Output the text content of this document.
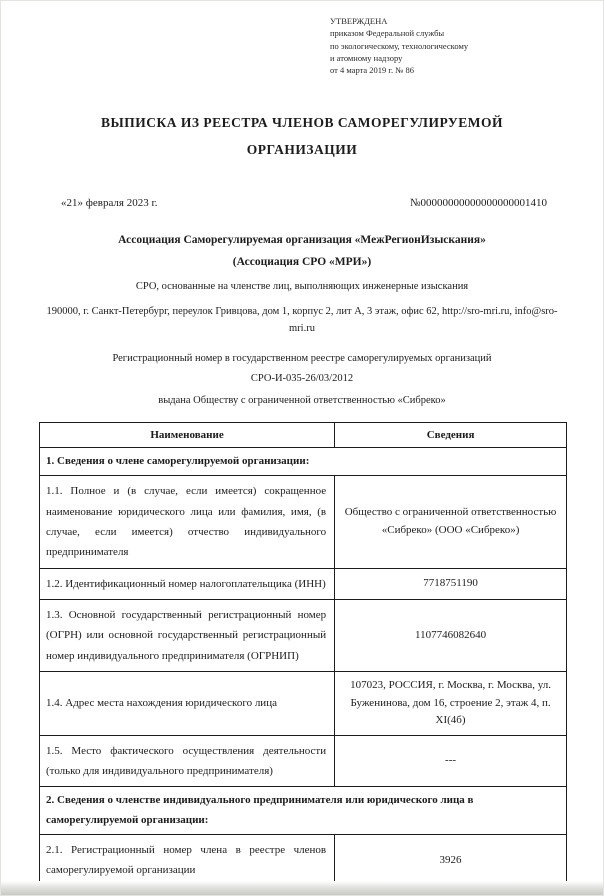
УТВЕРЖДЕНА
приказом Федеральной службы
по экологическому, технологическому
и атомному надзору
от 4 марта 2019 г. № 86
ВЫПИСКА ИЗ РЕЕСТРА ЧЛЕНОВ САМОРЕГУЛИРУЕМОЙ ОРГАНИЗАЦИИ
«21» февраля 2023 г.	№00000000000000000001410
Ассоциация Саморегулируемая организация «МежРегионИзыскания»
(Ассоциация СРО «МРИ»)
СРО, основанные на членстве лиц, выполняющих инженерные изыскания
190000, г. Санкт-Петербург, переулок Гривцова, дом 1, корпус 2, лит А, 3 этаж, офис 62, http://sro-mri.ru, info@sro-mri.ru
Регистрационный номер в государственном реестре саморегулируемых организаций
СРО-И-035-26/03/2012
выдана Обществу с ограниченной ответственностью «Сибреко»
Наименование	Сведения
1. Сведения о члене саморегулируемой организации:	
1.1. Полное и (в случае, если имеется) сокращенное наименование юридического лица или фамилия, имя, (в случае, если имеется) отчество индивидуального предпринимателя	Общество с ограниченной ответственностью «Сибреко» (ООО «Сибреко»)
1.2. Идентификационный номер налогоплательщика (ИНН)	7718751190
1.3. Основной государственный регистрационный номер (ОГРН) или основной государственный регистрационный номер индивидуального предпринимателя (ОГРНИП)	1107746082640
1.4. Адрес места нахождения юридического лица	107023, РОССИЯ, г. Москва, г. Москва, ул. Буженинова, дом 16, строение 2, этаж 4, п. XI(4б)
1.5. Место фактического осуществления деятельности (только для индивидуального предпринимателя)	---
2. Сведения о членстве индивидуального предпринимателя или юридического лица в саморегулируемой организации:	
2.1. Регистрационный номер члена в реестре членов саморегулируемой организации	3926
